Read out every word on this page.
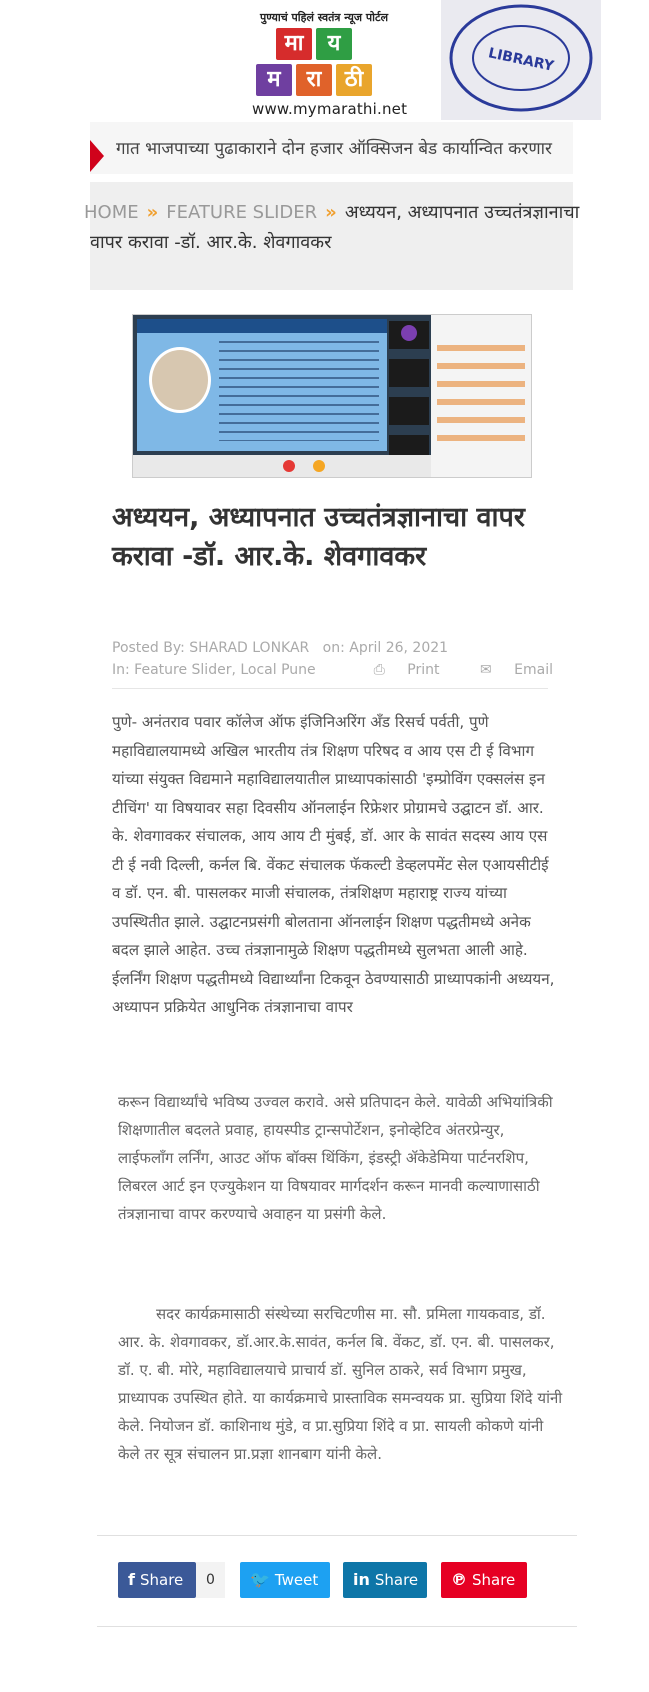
पुण्याचं पहिलं स्वतंत्र न्यूज पोर्टल
मा	य
म	रा	ठी
www.mymarathi.net
LIBRARY
गात भाजपाच्या पुढाकाराने दोन हजार ऑक्सिजन बेड कार्यान्वित करणार
HOME » FEATURE SLIDER » अध्ययन, अध्यापनात उच्चतंत्रज्ञानाचा
वापर करावा -डॉ. आर.के. शेवगावकर
अध्ययन, अध्यापनात उच्चतंत्रज्ञानाचा वापर करावा -डॉ. आर.के. शेवगावकर
Posted By: SHARAD LONKAR on: April 26, 2021
In: Feature Slider, Local Pune	⎙ Print	✉ Email
पुणे- अनंतराव पवार कॉलेज ऑफ इंजिनिअरिंग अँड रिसर्च पर्वती, पुणे महाविद्यालयामध्ये अखिल भारतीय तंत्र शिक्षण परिषद व आय एस टी ई विभाग यांच्या संयुक्त विद्यमाने महाविद्यालयातील प्राध्यापकांसाठी 'इम्प्रोविंग एक्सलंस इन टीचिंग' या विषयावर सहा दिवसीय ऑनलाईन रिफ्रेशर प्रोग्रामचे उद्घाटन डॉ. आर. के. शेवगावकर संचालक, आय आय टी मुंबई, डॉ. आर के सावंत सदस्य आय एस टी ई नवी दिल्ली, कर्नल बि. वेंकट संचालक फॅकल्टी डेव्हलपमेंट सेल एआयसीटीई व डॉ. एन. बी. पासलकर माजी संचालक, तंत्रशिक्षण महाराष्ट्र राज्य यांच्या उपस्थितीत झाले. उद्घाटनप्रसंगी बोलताना ऑनलाईन शिक्षण पद्धतीमध्ये अनेक बदल झाले आहेत. उच्च तंत्रज्ञानामुळे शिक्षण पद्धतीमध्ये सुलभता आली आहे. ईलर्निंग शिक्षण पद्धतीमध्ये विद्यार्थ्यांना टिकवून ठेवण्यासाठी प्राध्यापकांनी अध्ययन, अध्यापन प्रक्रियेत आधुनिक तंत्रज्ञानाचा वापर
करून विद्यार्थ्यांचे भविष्य उज्वल करावे. असे प्रतिपादन केले. यावेळी अभियांत्रिकी शिक्षणातील बदलते प्रवाह, हायस्पीड ट्रान्सपोर्टेशन, इनोव्हेटिव अंतरप्रेन्युर, लाईफलॉंग लर्निंग, आउट ऑफ बॉक्स थिंकिंग, इंडस्ट्री ॲकेडेमिया पार्टनरशिप, लिबरल आर्ट इन एज्युकेशन या विषयावर मार्गदर्शन करून मानवी कल्याणासाठी तंत्रज्ञानाचा वापर करण्याचे अवाहन या प्रसंगी केले.
सदर कार्यक्रमासाठी संस्थेच्या सरचिटणीस मा. सौ. प्रमिला गायकवाड, डॉ. आर. के. शेवगावकर, डॉ.आर.के.सावंत, कर्नल बि. वेंकट, डॉ. एन. बी. पासलकर, डॉ. ए. बी. मोरे, महाविद्यालयाचे प्राचार्य डॉ. सुनिल ठाकरे, सर्व विभाग प्रमुख, प्राध्यापक उपस्थित होते. या कार्यक्रमाचे प्रास्ताविक समन्वयक प्रा. सुप्रिया शिंदे यांनी केले. नियोजन डॉ. काशिनाथ मुंडे, व प्रा.सुप्रिया शिंदे व प्रा. सायली कोकणे यांनी केले तर सूत्र संचालन प्रा.प्रज्ञा शानबाग यांनी केले.
f Share	0	🐦 Tweet	in Share	℗ Share
